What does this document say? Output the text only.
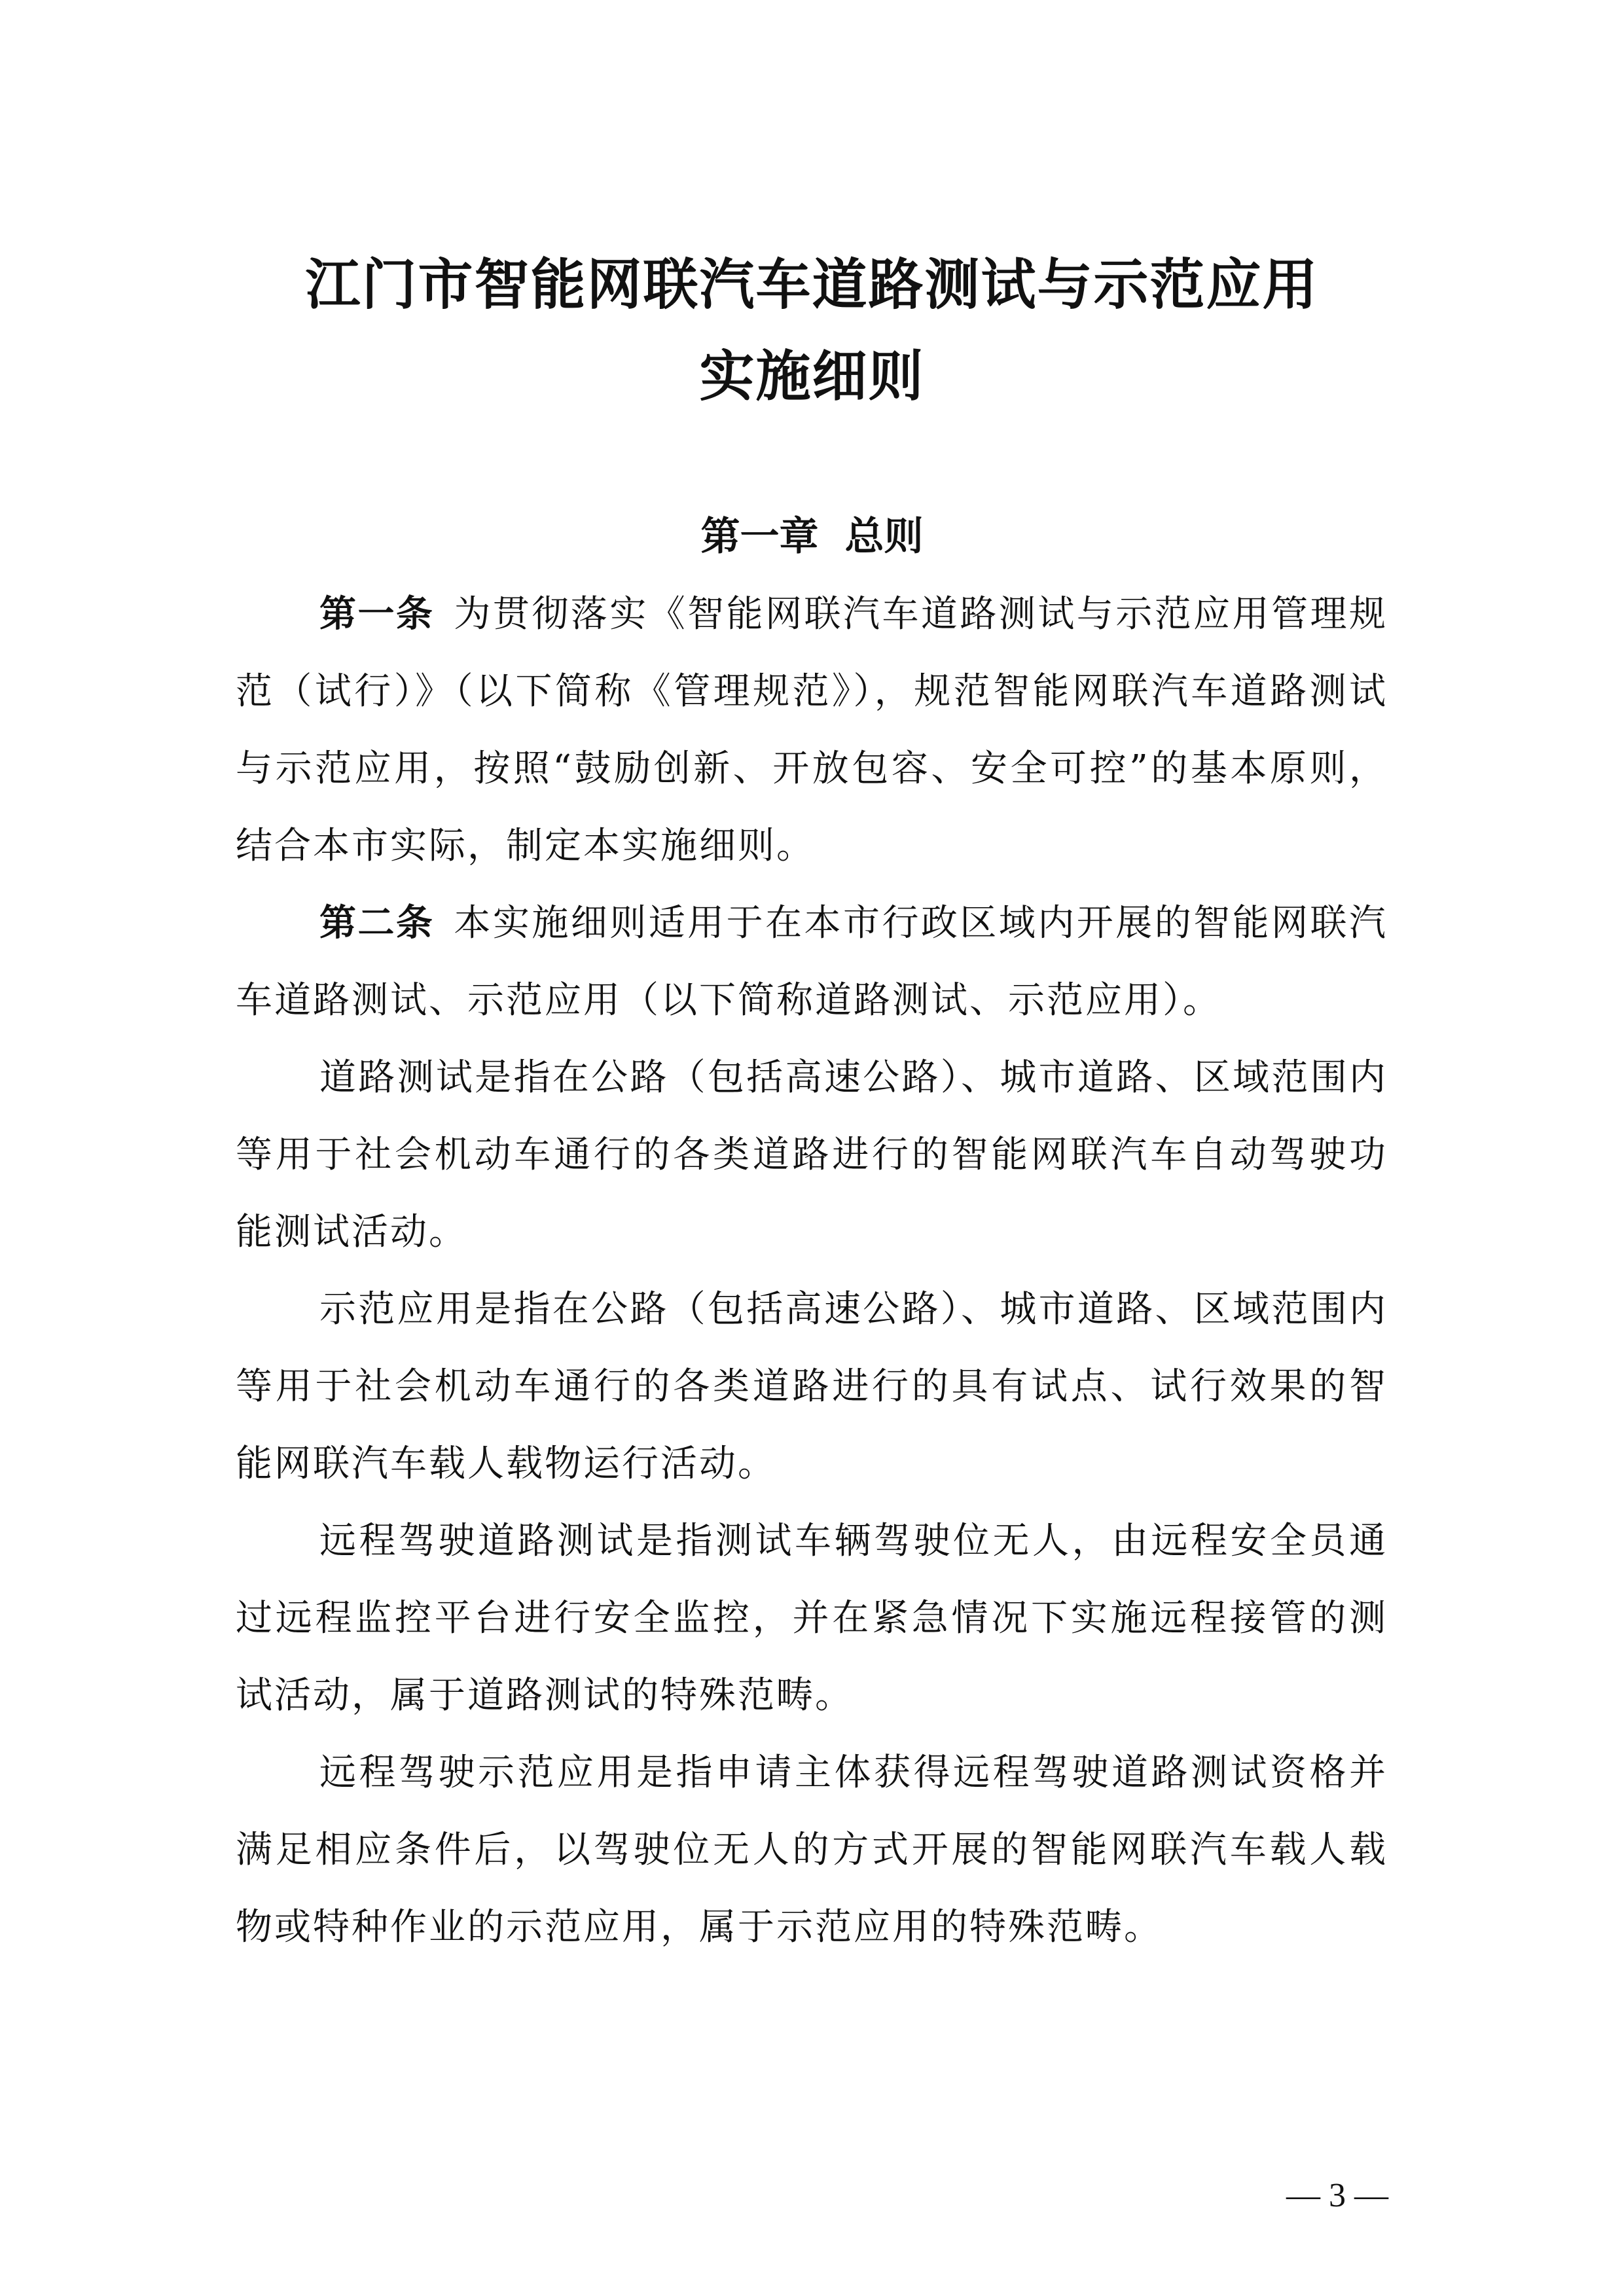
江门市智能网联汽车道路测试与示范应用
实施细则
第一章 总则

第一条 为贯彻落实《智能网联汽车道路测试与示范应用管理规范（试行）》（以下简称《管理规范》），规范智能网联汽车道路测试与示范应用，按照“鼓励创新、开放包容、安全可控”的基本原则，结合本市实际，制定本实施细则。

第二条 本实施细则适用于在本市行政区域内开展的智能网联汽车道路测试、示范应用（以下简称道路测试、示范应用）。

道路测试是指在公路（包括高速公路）、城市道路、区域范围内等用于社会机动车通行的各类道路进行的智能网联汽车自动驾驶功能测试活动。

示范应用是指在公路（包括高速公路）、城市道路、区域范围内等用于社会机动车通行的各类道路进行的具有试点、试行效果的智能网联汽车载人载物运行活动。

远程驾驶道路测试是指测试车辆驾驶位无人，由远程安全员通过远程监控平台进行安全监控，并在紧急情况下实施远程接管的测试活动，属于道路测试的特殊范畴。

远程驾驶示范应用是指申请主体获得远程驾驶道路测试资格并满足相应条件后，以驾驶位无人的方式开展的智能网联汽车载人载物或特种作业的示范应用，属于示范应用的特殊范畴。

— 3 —
